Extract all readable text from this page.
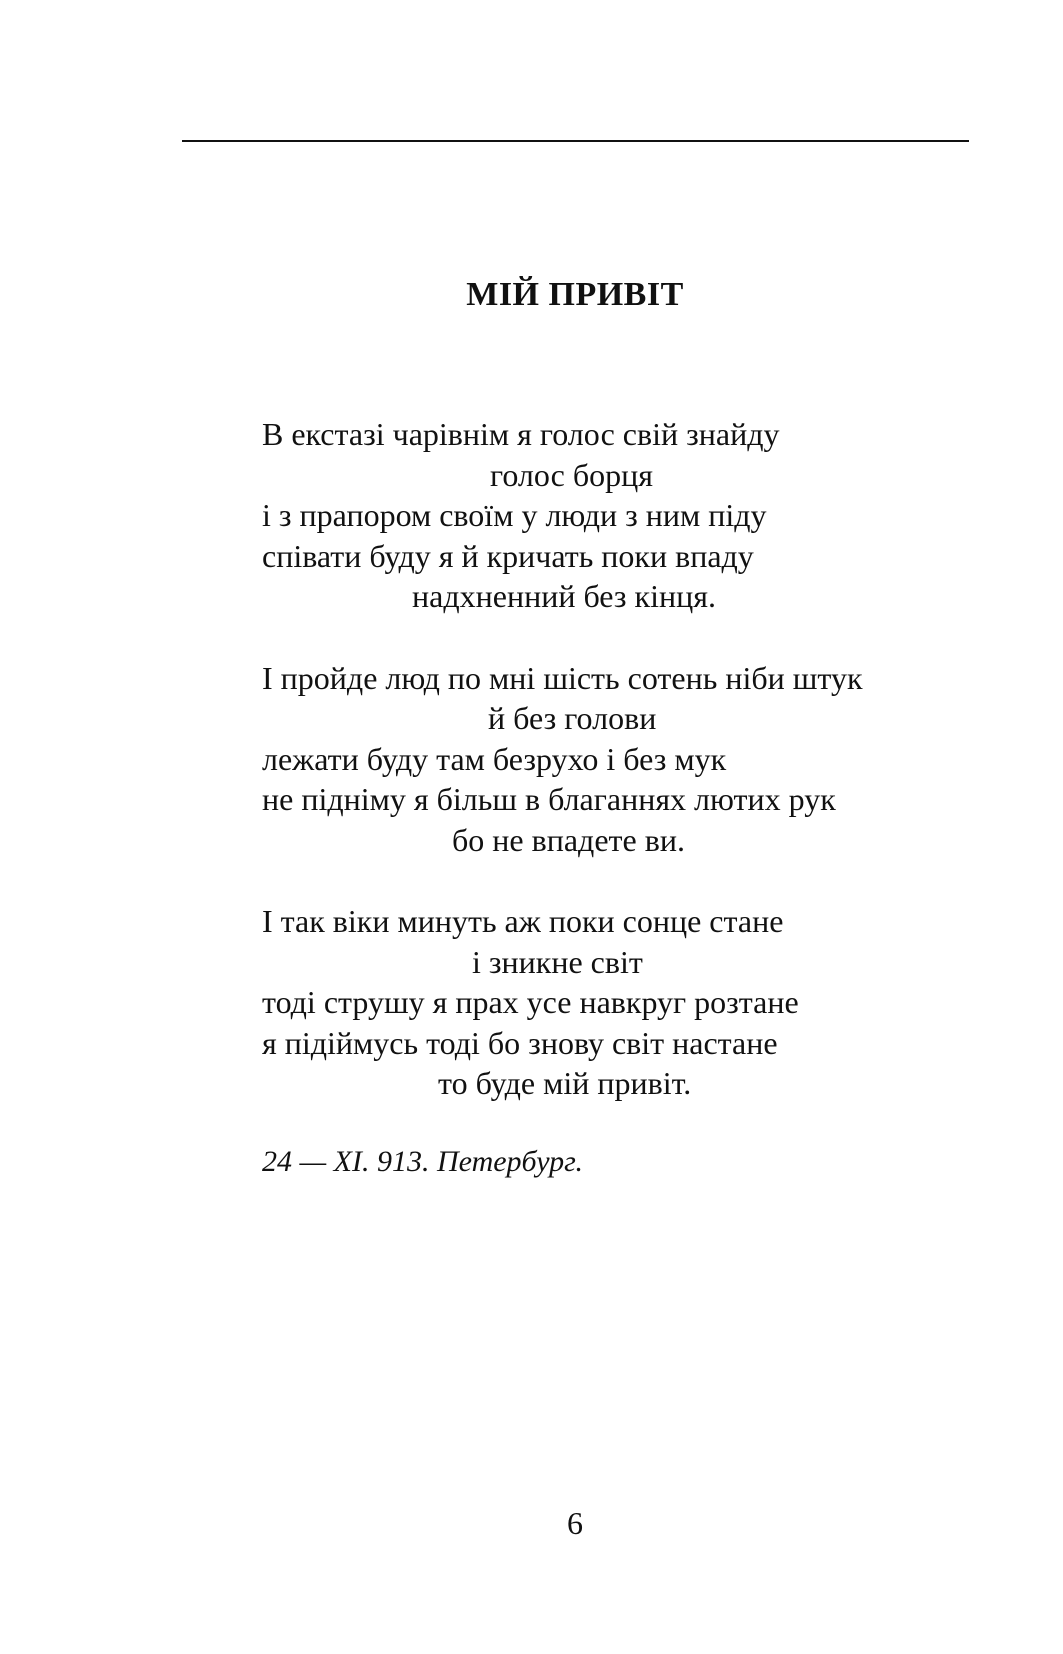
МІЙ ПРИВІТ

В екстазі чарівнім я голос свій знайду
голос борця
і з прапором своїм у люди з ним піду
співати буду я й кричать поки впаду
надхненний без кінця.

І пройде люд по мні шість сотень ніби штук
й без голови
лежати буду там безрухо і без мук
не підніму я більш в благаннях лютих рук
бо не впадете ви.

І так віки минуть аж поки сонце стане
і зникне світ
тоді струшу я прах усе навкруг розтане
я підіймусь тоді бо знову світ настане
то буде мій привіт.

24 — ХІ. 913. Петербург.
6
